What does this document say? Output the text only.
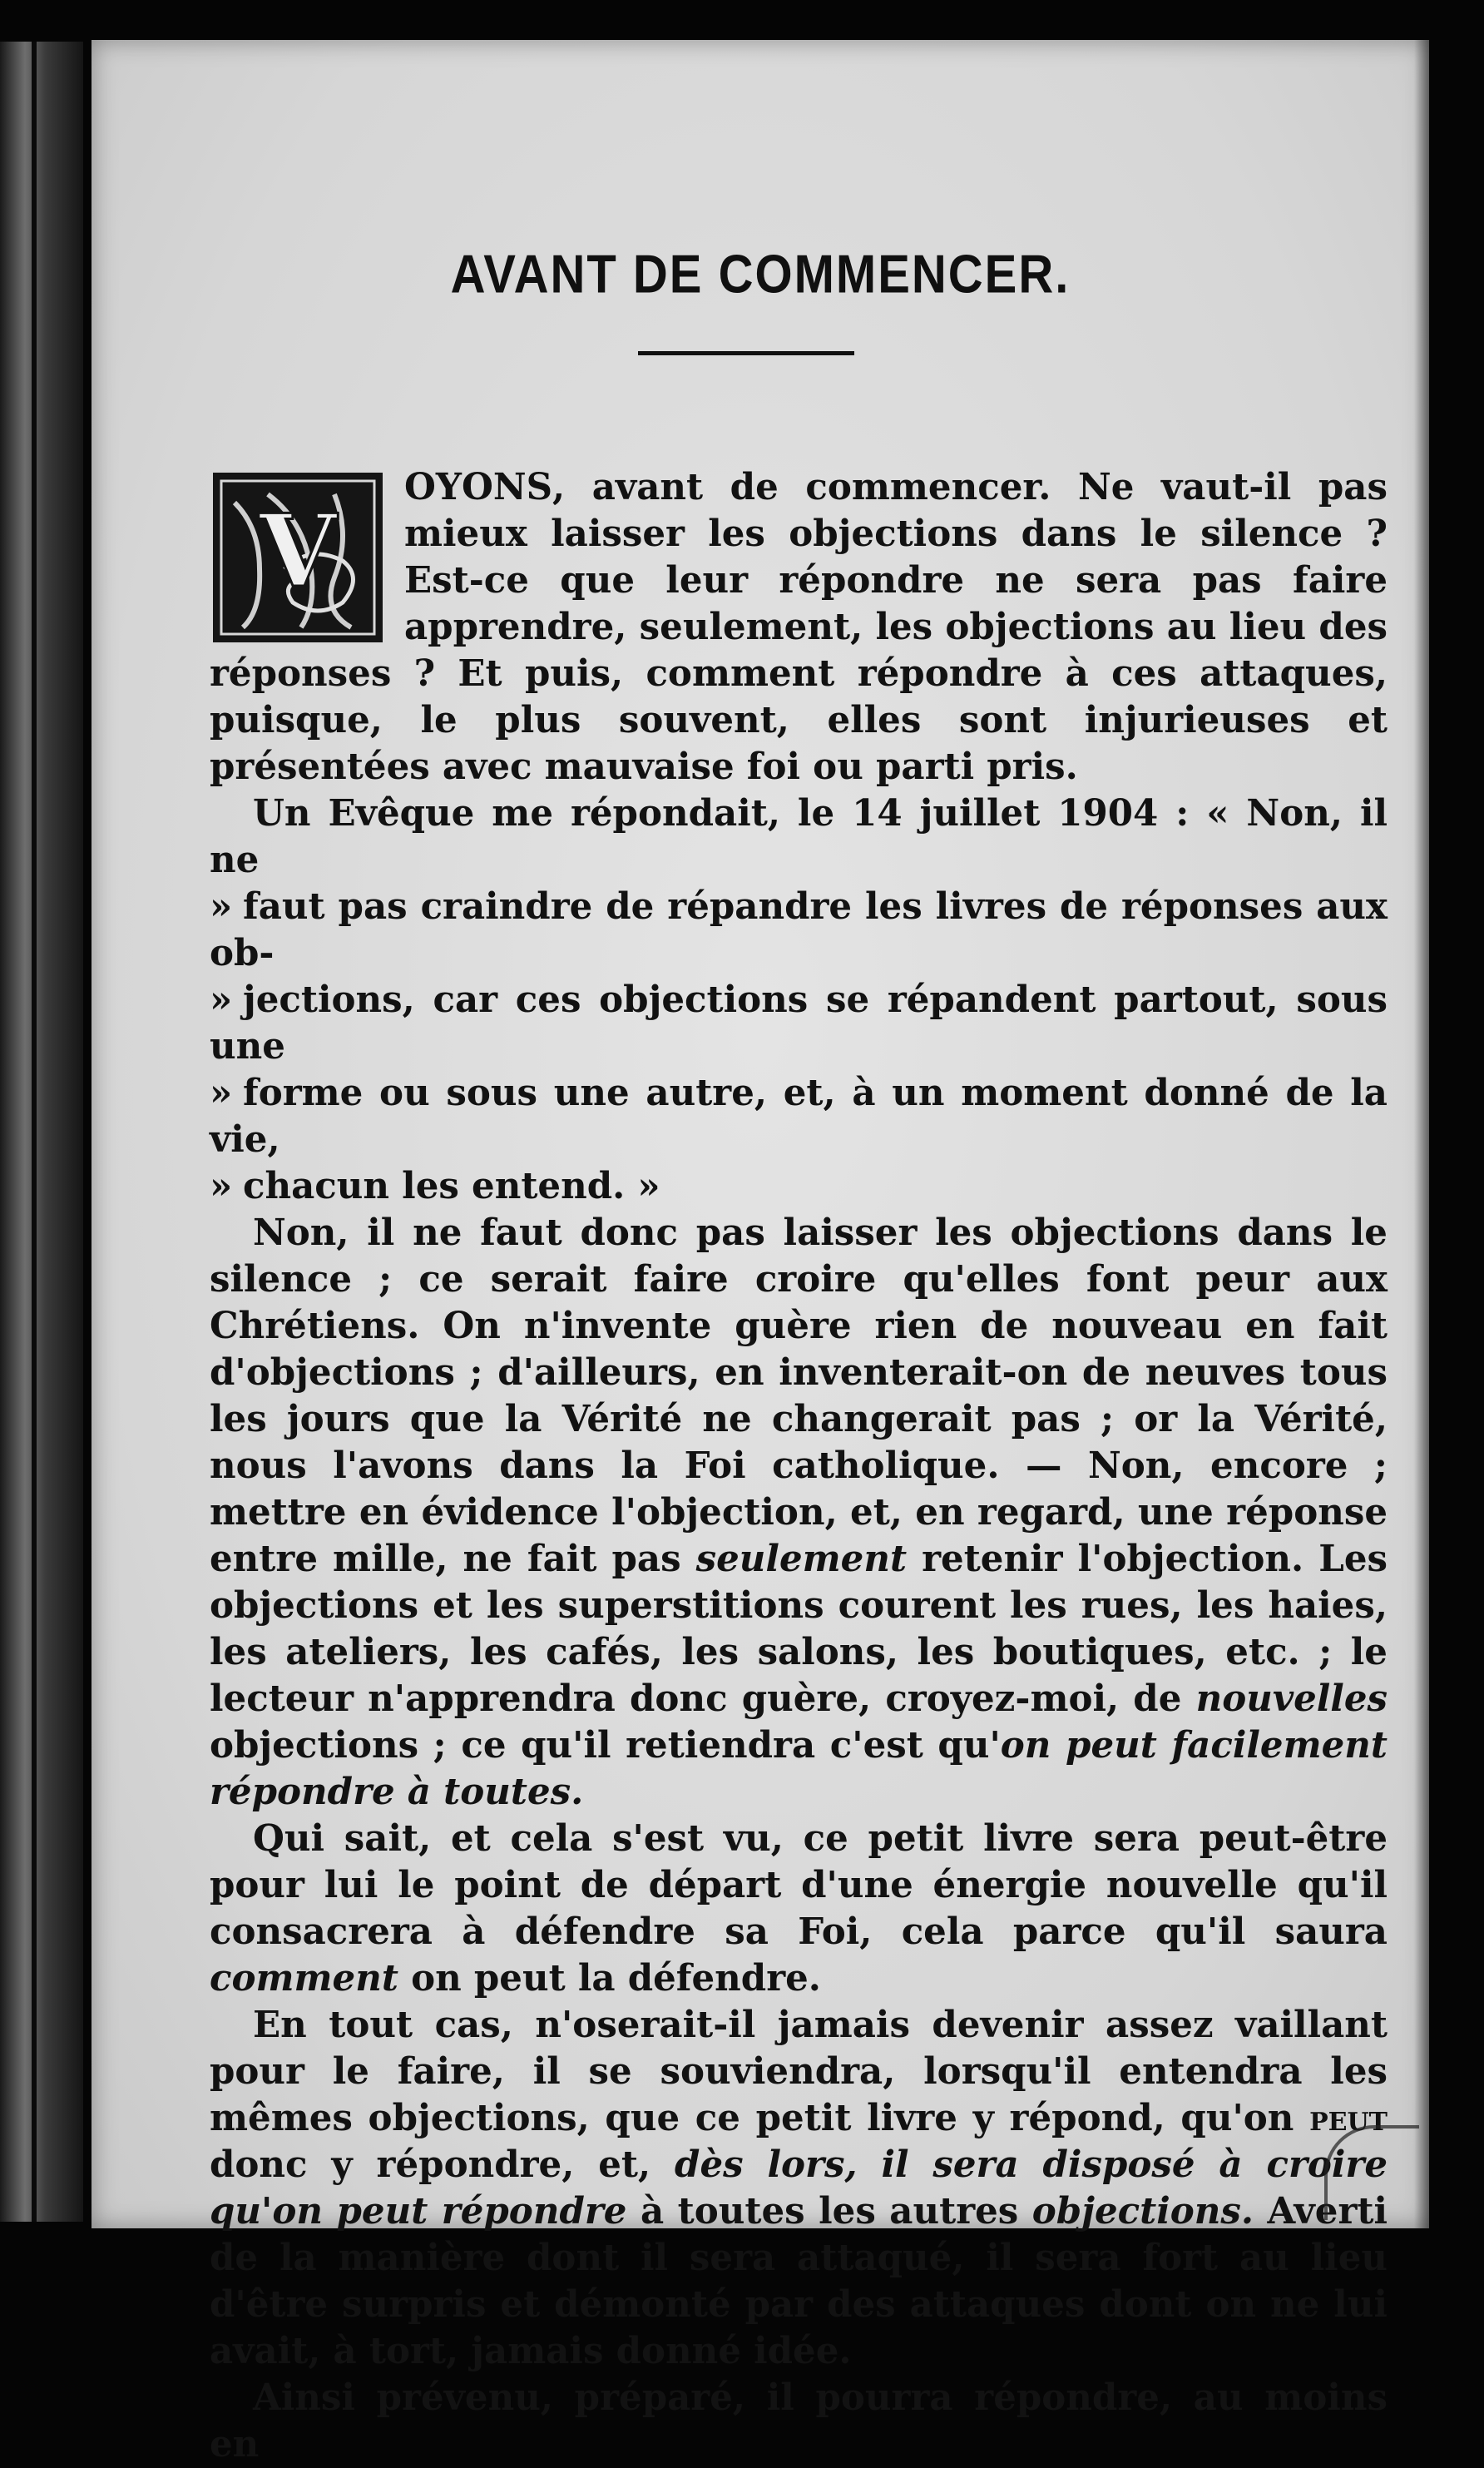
AVANT DE COMMENCER.

V
OYONS, avant de commencer. Ne vaut-il pas mieux laisser les objections dans le silence ? Est-ce que leur répondre ne sera pas faire apprendre, seulement, les objections au lieu des réponses ? Et puis, comment répondre à ces attaques, puisque, le plus souvent, elles sont injurieuses et présentées avec mauvaise foi ou parti pris.

Un Evêque me répondait, le 14 juillet 1904 : « Non, il ne

» faut pas craindre de répandre les livres de réponses aux ob-
» jections, car ces objections se répandent partout, sous une
» forme ou sous une autre, et, à un moment donné de la vie,
» chacun les entend. »

Non, il ne faut donc pas laisser les objections dans le silence ; ce serait faire croire qu'elles font peur aux Chrétiens. On n'invente guère rien de nouveau en fait d'objections ; d'ailleurs, en inventerait-on de neuves tous les jours que la Vérité ne changerait pas ; or la Vérité, nous l'avons dans la Foi catholique. — Non, encore ; mettre en évidence l'objection, et, en regard, une réponse entre mille, ne fait pas seulement retenir l'objection. Les objections et les superstitions courent les rues, les haies, les ateliers, les cafés, les salons, les boutiques, etc. ; le lecteur n'apprendra donc guère, croyez-moi, de nouvelles objections ; ce qu'il retiendra c'est qu'on peut facilement répondre à toutes.

Qui sait, et cela s'est vu, ce petit livre sera peut-être pour lui le point de départ d'une énergie nouvelle qu'il consacrera à défendre sa Foi, cela parce qu'il saura comment on peut la défendre.

En tout cas, n'oserait-il jamais devenir assez vaillant pour le faire, il se souviendra, lorsqu'il entendra les mêmes objections, que ce petit livre y répond, qu'on peut donc y répondre, et, dès lors, il sera disposé à croire qu'on peut répondre à toutes les autres objections. Averti de la manière dont il sera attaqué, il sera fort au lieu d'être surpris et démonté par des attaques dont on ne lui avait, à tort, jamais donné idée.

Ainsi prévenu, préparé, il pourra répondre, au moins en
